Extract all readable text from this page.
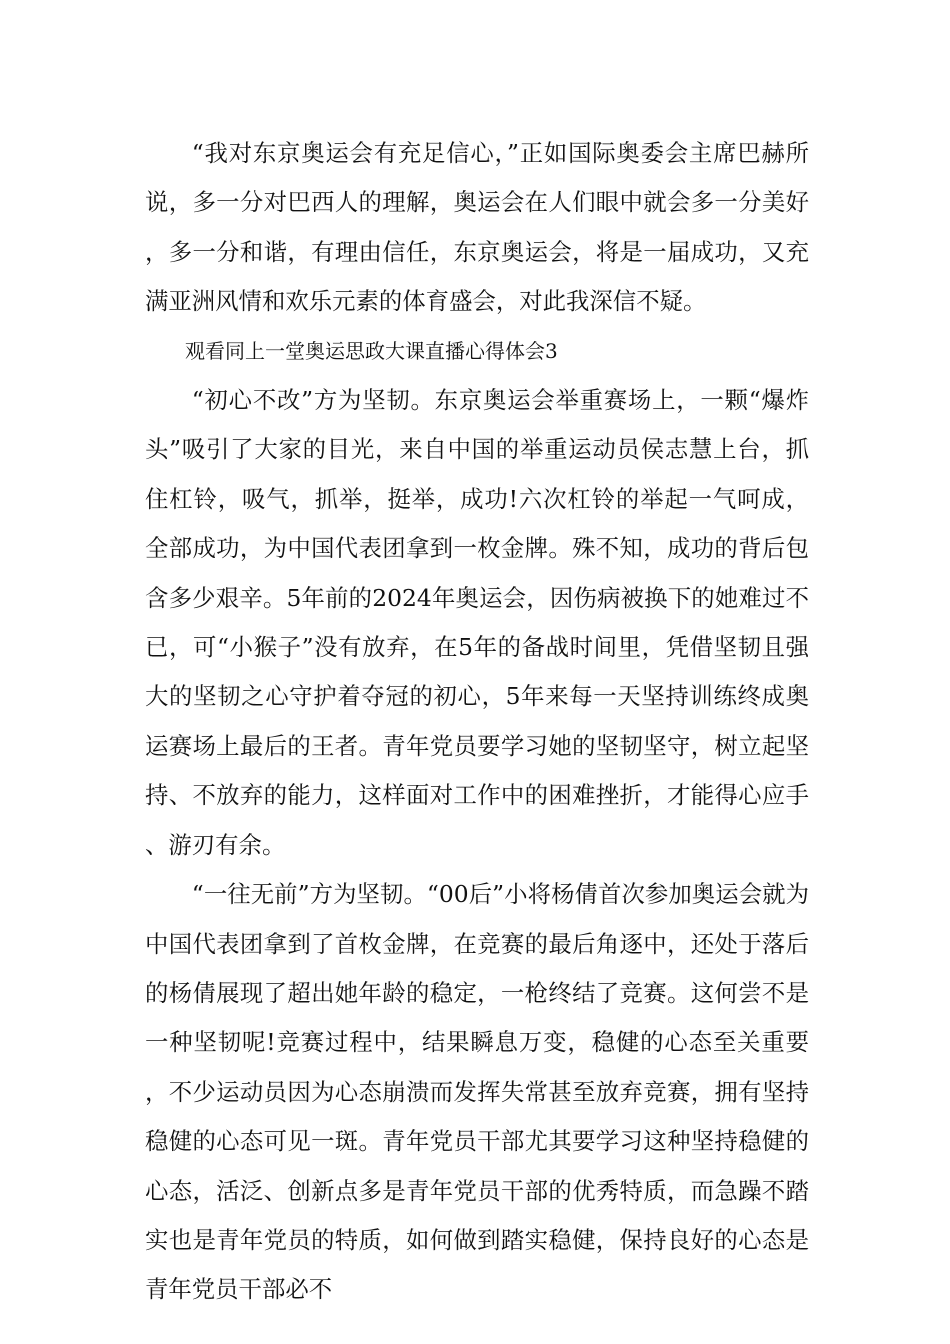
“我对东京奥运会有充足信心，”正如国际奥委会主席巴赫所说，多一分对巴西人的理解，奥运会在人们眼中就会多一分美好，多一分和谐，有理由信任，东京奥运会，将是一届成功，又充满亚洲风情和欢乐元素的体育盛会，对此我深信不疑。

观看同上一堂奥运思政大课直播心得体会3

“初心不改”方为坚韧。东京奥运会举重赛场上，一颗“爆炸头”吸引了大家的目光，来自中国的举重运动员侯志慧上台，抓住杠铃，吸气，抓举，挺举，成功!六次杠铃的举起一气呵成，全部成功，为中国代表团拿到一枚金牌。殊不知，成功的背后包含多少艰辛。5年前的2024年奥运会，因伤病被换下的她难过不已，可“小猴子”没有放弃，在5年的备战时间里，凭借坚韧且强大的坚韧之心守护着夺冠的初心，5年来每一天坚持训练终成奥运赛场上最后的王者。青年党员要学习她的坚韧坚守，树立起坚持、不放弃的能力，这样面对工作中的困难挫折，才能得心应手、游刃有余。

“一往无前”方为坚韧。“00后”小将杨倩首次参加奥运会就为中国代表团拿到了首枚金牌，在竞赛的最后角逐中，还处于落后的杨倩展现了超出她年龄的稳定，一枪终结了竞赛。这何尝不是一种坚韧呢!竞赛过程中，结果瞬息万变，稳健的心态至关重要，不少运动员因为心态崩溃而发挥失常甚至放弃竞赛，拥有坚持稳健的心态可见一斑。青年党员干部尤其要学习这种坚持稳健的心态，活泛、创新点多是青年党员干部的优秀特质，而急躁不踏实也是青年党员的特质，如何做到踏实稳健，保持良好的心态是青年党员干部必不
